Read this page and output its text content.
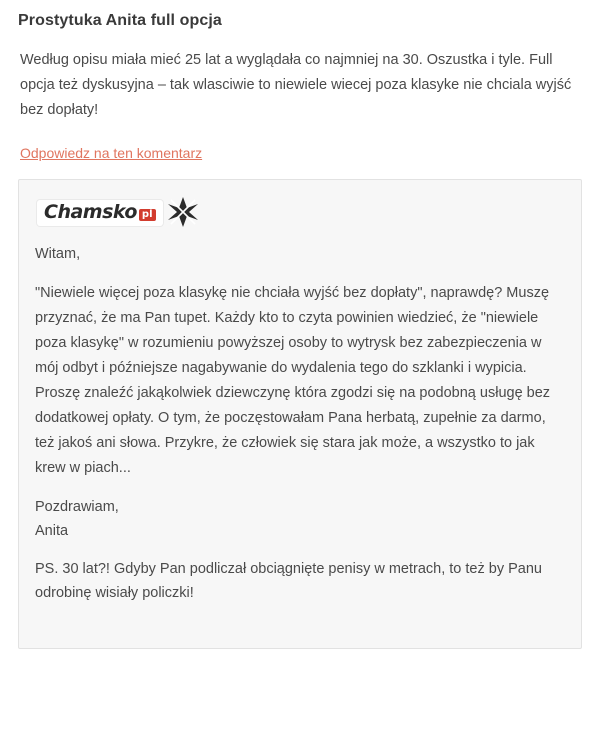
Prostytuka Anita full opcja

Według opisu miała mieć 25 lat a wyglądała co najmniej na 30. Oszustka i tyle. Full opcja też dyskusyjna – tak wlasciwie to niewiele wiecej poza klasyke nie chciala wyjść bez dopłaty!

Odpowiedz na ten komentarz
Chamsko pl

Witam,

"Niewiele więcej poza klasykę nie chciała wyjść bez dopłaty", naprawdę? Muszę przyznać, że ma Pan tupet. Każdy kto to czyta powinien wiedzieć, że "niewiele poza klasykę" w rozumieniu powyższej osoby to wytrysk bez zabezpieczenia w mój odbyt i późniejsze nagabywanie do wydalenia tego do szklanki i wypicia. Proszę znaleźć jakąkolwiek dziewczynę która zgodzi się na podobną usługę bez dodatkowej opłaty. O tym, że poczęstowałam Pana herbatą, zupełnie za darmo, też jakoś ani słowa. Przykre, że człowiek się stara jak może, a wszystko to jak krew w piach...

Pozdrawiam,
Anita

PS. 30 lat?! Gdyby Pan podliczał obciągnięte penisy w metrach, to też by Panu odrobinę wisiały policzki!
